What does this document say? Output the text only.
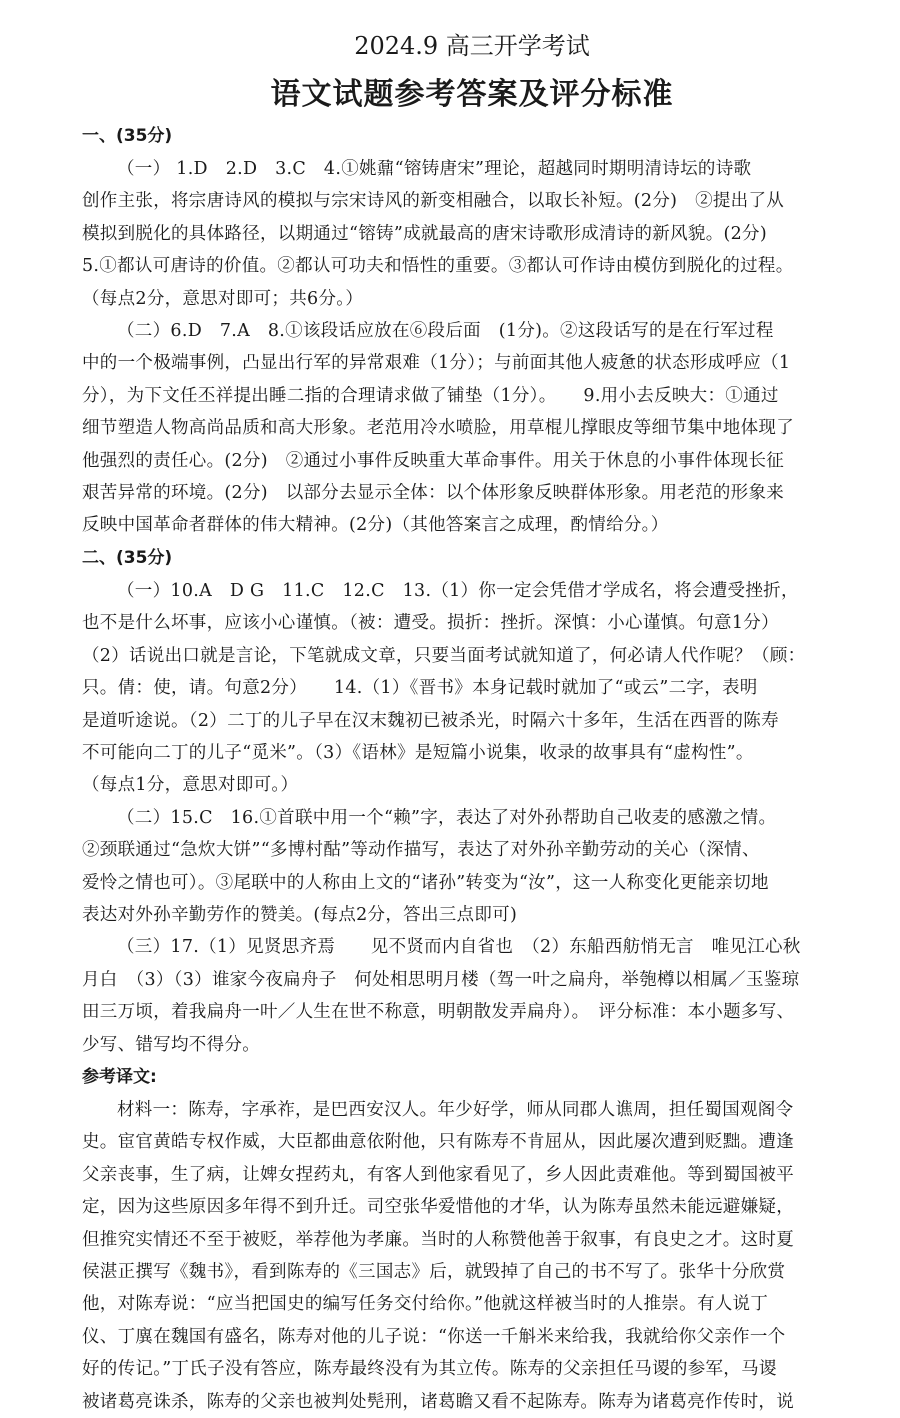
2024.9 高三开学考试
语文试题参考答案及评分标准
一、(35分)
（一） 1.D　2.D　3.C　4.①姚鼐“镕铸唐宋”理论，超越同时期明清诗坛的诗歌
创作主张，将宗唐诗风的模拟与宗宋诗风的新变相融合，以取长补短。(2分)　②提出了从
模拟到脱化的具体路径，以期通过“镕铸”成就最高的唐宋诗歌形成清诗的新风貌。(2分)
5.①都认可唐诗的价值。②都认可功夫和悟性的重要。③都认可作诗由模仿到脱化的过程。
（每点2分，意思对即可；共6分。）
（二）6.D　7.A　8.①该段话应放在⑥段后面　(1分)。②这段话写的是在行军过程
中的一个极端事例，凸显出行军的异常艰难（1分）；与前面其他人疲惫的状态形成呼应（1
分），为下文任丕祥提出睡二指的合理请求做了铺垫（1分）。　　9.用小去反映大：①通过
细节塑造人物高尚品质和高大形象。老范用冷水喷脸，用草棍儿撑眼皮等细节集中地体现了
他强烈的责任心。(2分)　②通过小事件反映重大革命事件。用关于休息的小事件体现长征
艰苦异常的环境。(2分)　以部分去显示全体：以个体形象反映群体形象。用老范的形象来
反映中国革命者群体的伟大精神。(2分)（其他答案言之成理，酌情给分。）
二、(35分)
（一）10.A　D G　11.C　12.C　13.（1）你一定会凭借才学成名，将会遭受挫折，
也不是什么坏事，应该小心谨慎。（被：遭受。损折：挫折。深慎：小心谨慎。句意1分）
（2）话说出口就是言论，下笔就成文章，只要当面考试就知道了，何必请人代作呢？（顾：
只。倩：使，请。句意2分）　　14.（1）《晋书》本身记载时就加了“或云”二字，表明
是道听途说。（2）二丁的儿子早在汉末魏初已被杀光，时隔六十多年，生活在西晋的陈寿
不可能向二丁的儿子“觅米”。（3）《语林》是短篇小说集，收录的故事具有“虚构性”。
（每点1分，意思对即可。）
（二）15.C　16.①首联中用一个“赖”字，表达了对外孙帮助自己收麦的感激之情。
②颈联通过“急炊大饼”“多博村酤”等动作描写，表达了对外孙辛勤劳动的关心（深情、
爱怜之情也可）。③尾联中的人称由上文的“诸孙”转变为“汝”，这一人称变化更能亲切地
表达对外孙辛勤劳作的赞美。(每点2分，答出三点即可)
（三）17.（1）见贤思齐焉　　见不贤而内自省也　（2）东船西舫悄无言　唯见江心秋
月白　（3）（3）谁家今夜扁舟子　何处相思明月楼（驾一叶之扁舟，举匏樽以相属／玉鉴琼
田三万顷，着我扁舟一叶／人生在世不称意，明朝散发弄扁舟）。　评分标准：本小题多写、
少写、错写均不得分。
参考译文:
材料一：陈寿，字承祚，是巴西安汉人。年少好学，师从同郡人谯周，担任蜀国观阁令
史。宦官黄皓专权作威，大臣都曲意依附他，只有陈寿不肯屈从，因此屡次遭到贬黜。遭逢
父亲丧事，生了病，让婢女捏药丸，有客人到他家看见了，乡人因此责难他。等到蜀国被平
定，因为这些原因多年得不到升迁。司空张华爱惜他的才华，认为陈寿虽然未能远避嫌疑，
但推究实情还不至于被贬，举荐他为孝廉。当时的人称赞他善于叙事，有良史之才。这时夏
侯湛正撰写《魏书》，看到陈寿的《三国志》后，就毁掉了自己的书不写了。张华十分欣赏
他，对陈寿说：“应当把国史的编写任务交付给你。”他就这样被当时的人推崇。有人说丁
仪、丁廙在魏国有盛名，陈寿对他的儿子说：“你送一千斛米来给我，我就给你父亲作一个
好的传记。”丁氏子没有答应，陈寿最终没有为其立传。陈寿的父亲担任马谡的参军，马谡
被诸葛亮诛杀，陈寿的父亲也被判处髡刑，诸葛瞻又看不起陈寿。陈寿为诸葛亮作传时，说
